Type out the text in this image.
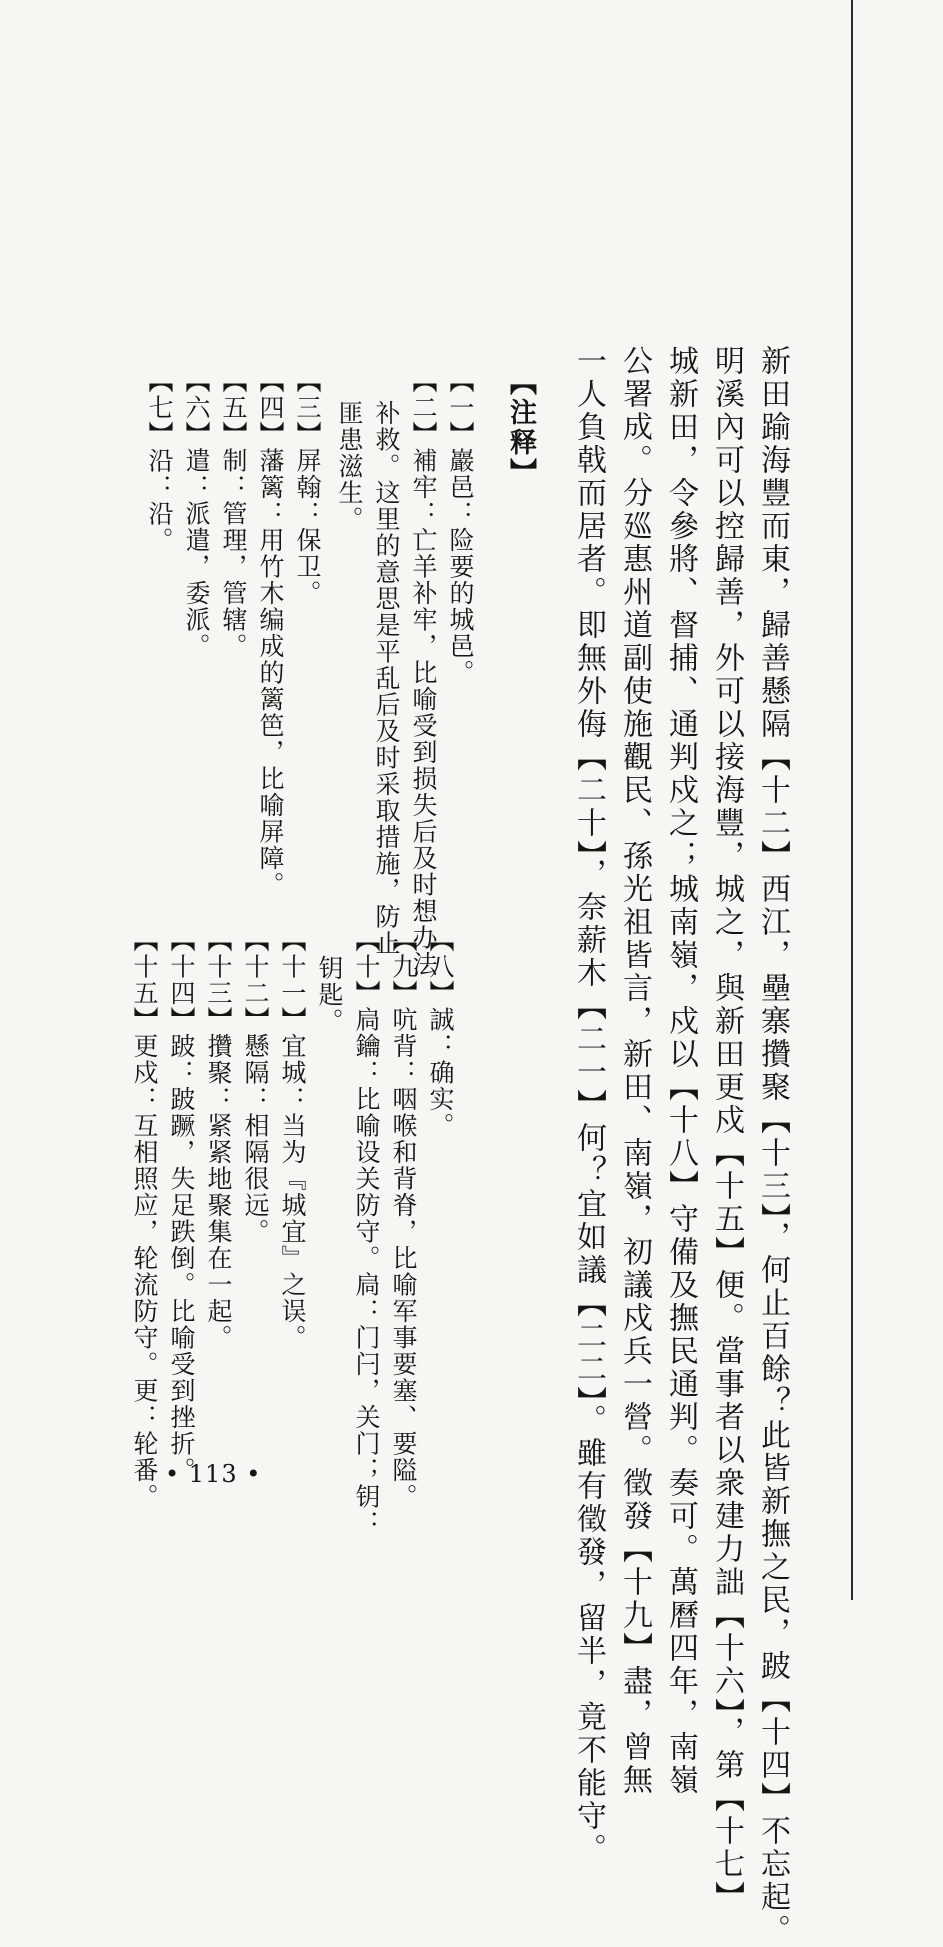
新田踰海豐而東，歸善懸隔【十二】西江，壘寨攢聚【十三】，何止百餘？此皆新撫之民，跛【十四】不忘起。
明溪內可以控歸善，外可以接海豐，城之，與新田更戍【十五】便。當事者以衆建力詘【十六】，第【十七】
城新田，令參將、督捕、通判戍之；城南嶺，戍以【十八】守備及撫民通判。奏可。萬曆四年，南嶺
公署成。分廵惠州道副使施觀民、孫光祖皆言，新田、南嶺，初議戍兵一營。徵發【十九】盡，曾無
一人負戟而居者。即無外侮【二十】，奈薪木【二一】何？宜如議【二二】。雖有徵發，留半，竟不能守。
【注释】
【一】巖邑：险要的城邑。
【二】補牢：亡羊补牢，比喻受到损失后及时想办法
补救。这里的意思是平乱后及时采取措施，防止
匪患滋生。
【三】屏翰：保卫。
【四】藩篱：用竹木编成的篱笆，比喻屏障。
【五】制：管理，管辖。
【六】遣：派遣，委派。
【七】沿：沿。
【八】誠：确实。
【九】吭背：咽喉和背脊，比喻军事要塞、要隘。
【十】扃鑰：比喻设关防守。扃：门闩，关门；钥：
钥匙。
【十一】宜城：当为『城宜』之误。
【十二】懸隔：相隔很远。
【十三】攢聚：紧紧地聚集在一起。
【十四】跛：跛蹶，失足跌倒。比喻受到挫折。
【十五】更戍：互相照应，轮流防守。更：轮番。 • 113 •
